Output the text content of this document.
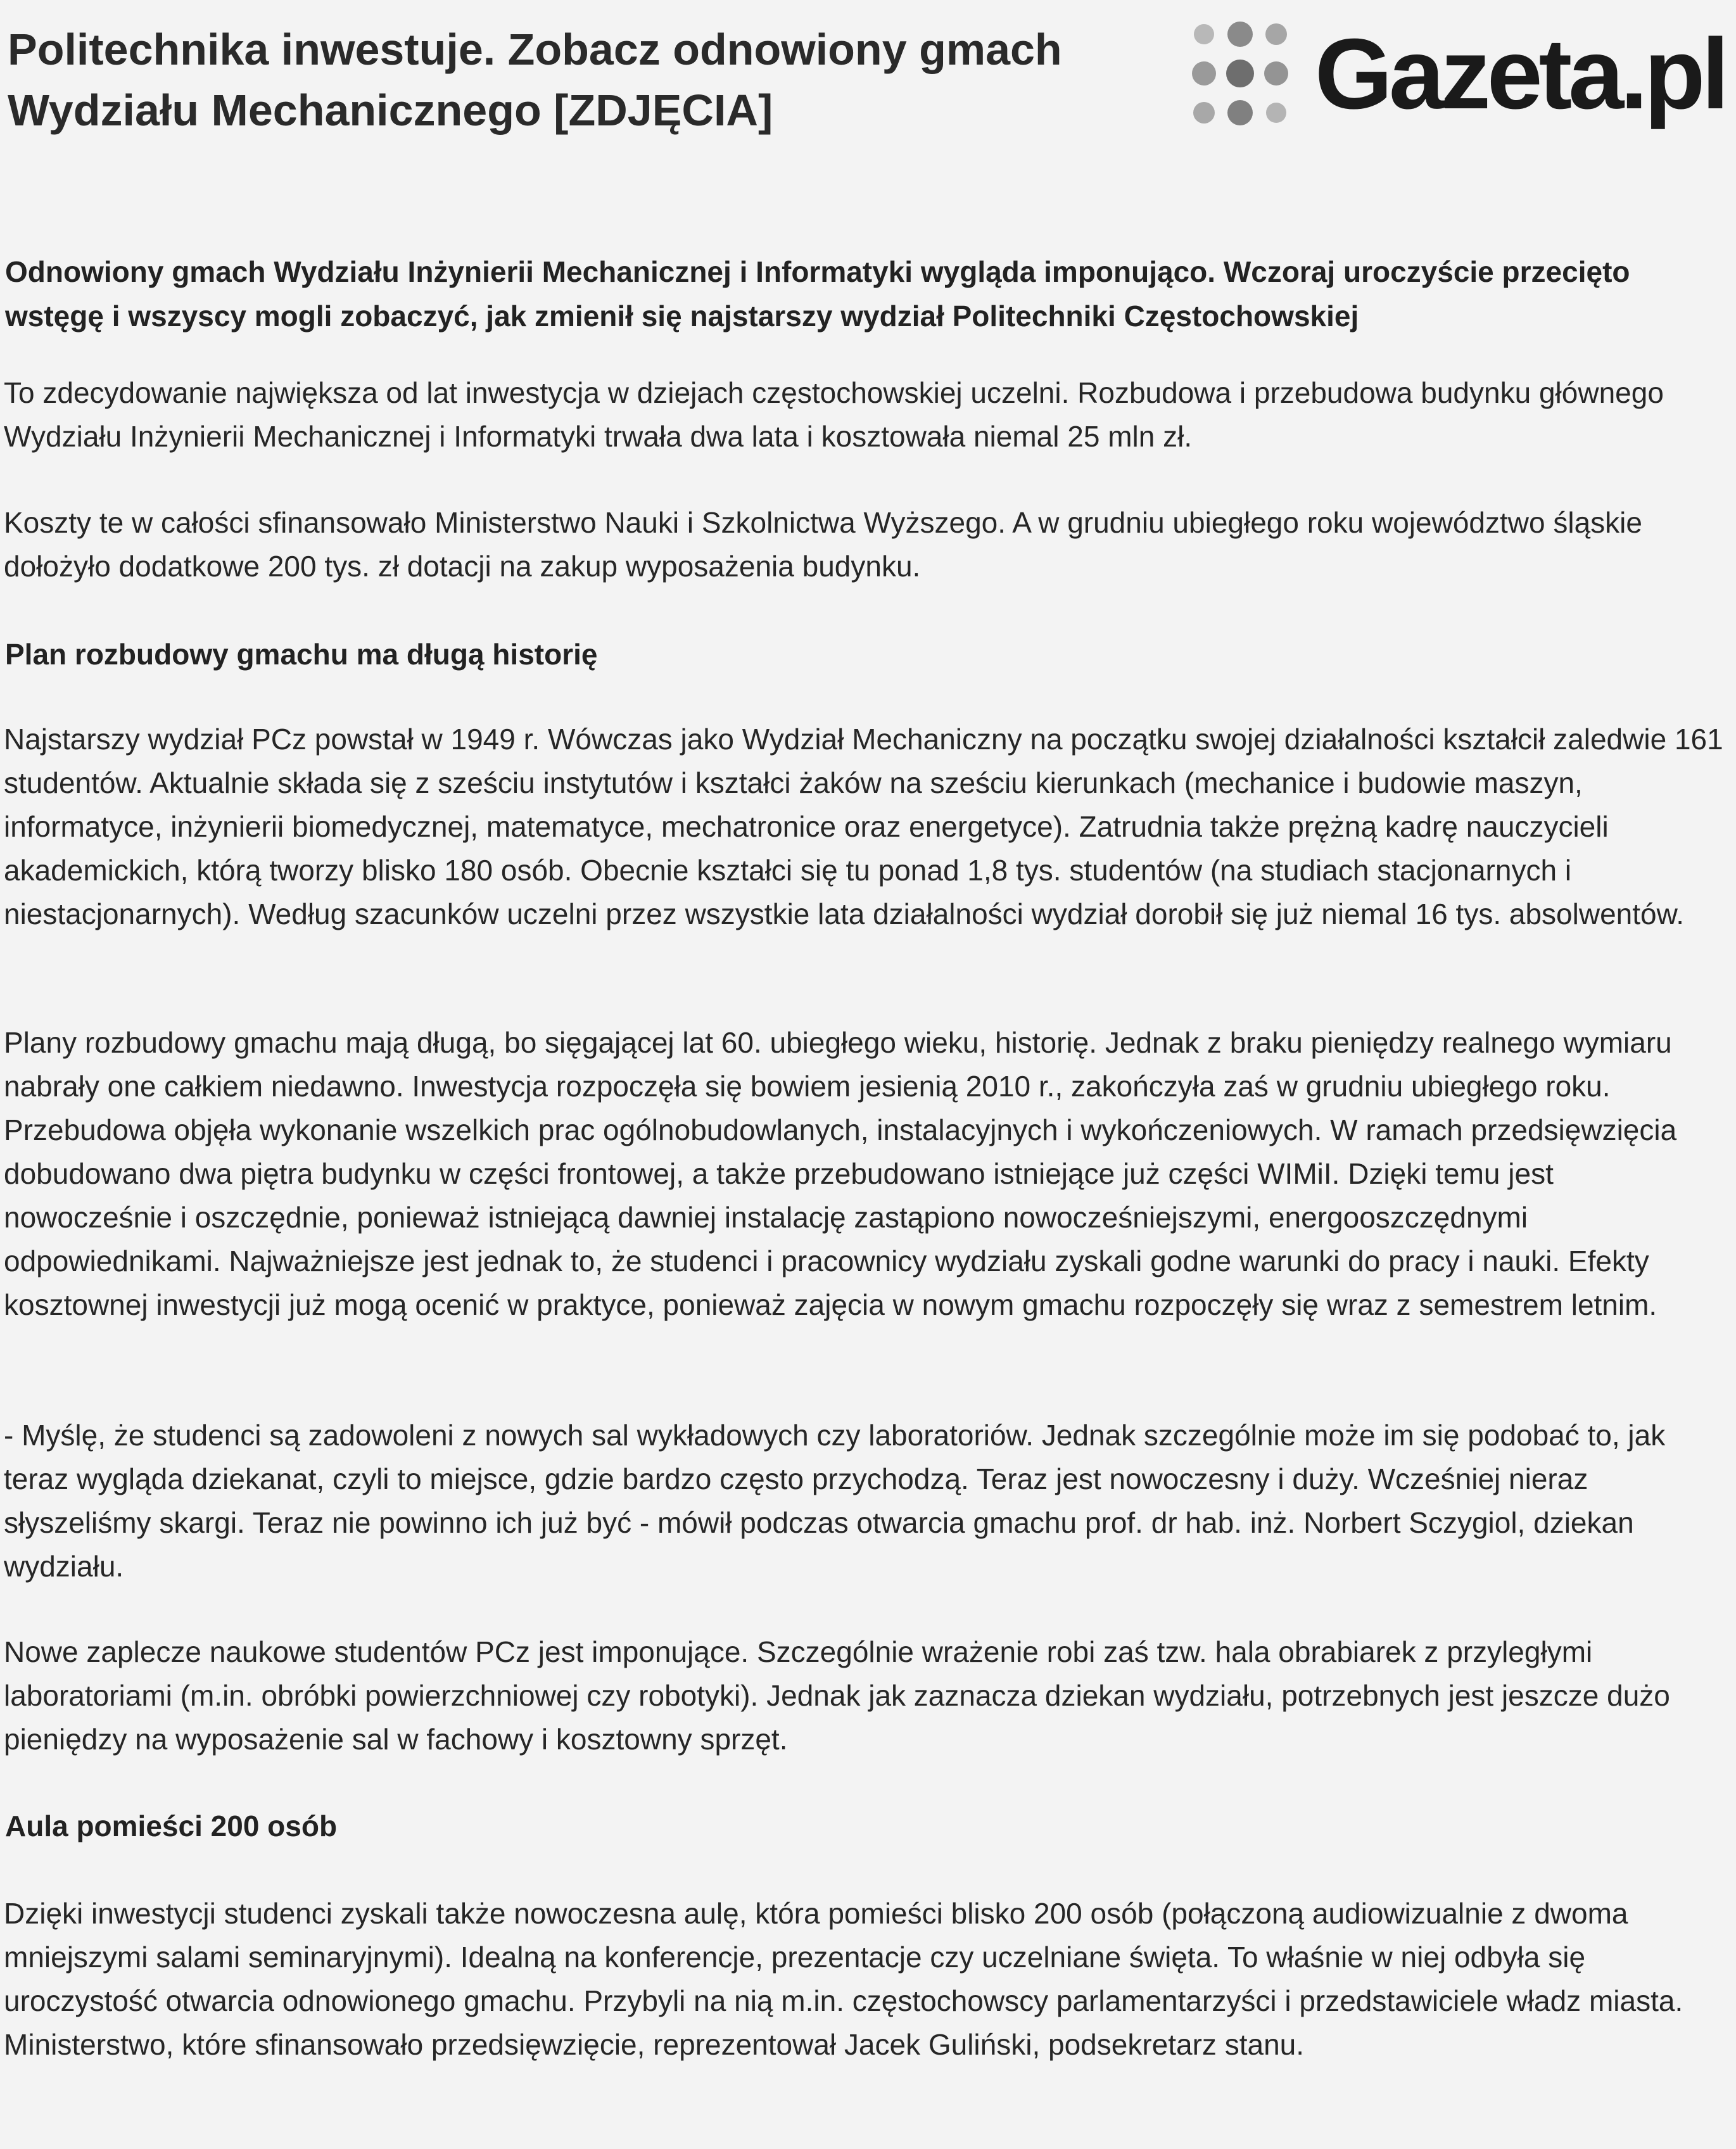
Politechnika inwestuje. Zobacz odnowiony gmach Wydziału Mechanicznego [ZDJĘCIA]	Gazeta.pl

Odnowiony gmach Wydziału Inżynierii Mechanicznej i Informatyki wygląda imponująco. Wczoraj uroczyście przecięto wstęgę i wszyscy mogli zobaczyć, jak zmienił się najstarszy wydział Politechniki Częstochowskiej

To zdecydowanie największa od lat inwestycja w dziejach częstochowskiej uczelni. Rozbudowa i przebudowa budynku głównego Wydziału Inżynierii Mechanicznej i Informatyki trwała dwa lata i kosztowała niemal 25 mln zł.

Koszty te w całości sfinansowało Ministerstwo Nauki i Szkolnictwa Wyższego. A w grudniu ubiegłego roku województwo śląskie dołożyło dodatkowe 200 tys. zł dotacji na zakup wyposażenia budynku.

Plan rozbudowy gmachu ma długą historię

Najstarszy wydział PCz powstał w 1949 r. Wówczas jako Wydział Mechaniczny na początku swojej działalności kształcił zaledwie 161 studentów. Aktualnie składa się z sześciu instytutów i kształci żaków na sześciu kierunkach (mechanice i budowie maszyn, informatyce, inżynierii biomedycznej, matematyce, mechatronice oraz energetyce). Zatrudnia także prężną kadrę nauczycieli akademickich, którą tworzy blisko 180 osób. Obecnie kształci się tu ponad 1,8 tys. studentów (na studiach stacjonarnych i niestacjonarnych). Według szacunków uczelni przez wszystkie lata działalności wydział dorobił się już niemal 16 tys. absolwentów.

Plany rozbudowy gmachu mają długą, bo sięgającej lat 60. ubiegłego wieku, historię. Jednak z braku pieniędzy realnego wymiaru nabrały one całkiem niedawno. Inwestycja rozpoczęła się bowiem jesienią 2010 r., zakończyła zaś w grudniu ubiegłego roku. Przebudowa objęła wykonanie wszelkich prac ogólnobudowlanych, instalacyjnych i wykończeniowych. W ramach przedsięwzięcia dobudowano dwa piętra budynku w części frontowej, a także przebudowano istniejące już części WIMiI. Dzięki temu jest nowocześnie i oszczędnie, ponieważ istniejącą dawniej instalację zastąpiono nowocześniejszymi, energooszczędnymi odpowiednikami. Najważniejsze jest jednak to, że studenci i pracownicy wydziału zyskali godne warunki do pracy i nauki. Efekty kosztownej inwestycji już mogą ocenić w praktyce, ponieważ zajęcia w nowym gmachu rozpoczęły się wraz z semestrem letnim.

- Myślę, że studenci są zadowoleni z nowych sal wykładowych czy laboratoriów. Jednak szczególnie może im się podobać to, jak teraz wygląda dziekanat, czyli to miejsce, gdzie bardzo często przychodzą. Teraz jest nowoczesny i duży. Wcześniej nieraz słyszeliśmy skargi. Teraz nie powinno ich już być - mówił podczas otwarcia gmachu prof. dr hab. inż. Norbert Sczygiol, dziekan wydziału.

Nowe zaplecze naukowe studentów PCz jest imponujące. Szczególnie wrażenie robi zaś tzw. hala obrabiarek z przyległymi laboratoriami (m.in. obróbki powierzchniowej czy robotyki). Jednak jak zaznacza dziekan wydziału, potrzebnych jest jeszcze dużo pieniędzy na wyposażenie sal w fachowy i kosztowny sprzęt.

Aula pomieści 200 osób

Dzięki inwestycji studenci zyskali także nowoczesna aulę, która pomieści blisko 200 osób (połączoną audiowizualnie z dwoma mniejszymi salami seminaryjnymi). Idealną na konferencje, prezentacje czy uczelniane święta. To właśnie w niej odbyła się uroczystość otwarcia odnowionego gmachu. Przybyli na nią m.in. częstochowscy parlamentarzyści i przedstawiciele władz miasta. Ministerstwo, które sfinansowało przedsięwzięcie, reprezentował Jacek Guliński, podsekretarz stanu.
